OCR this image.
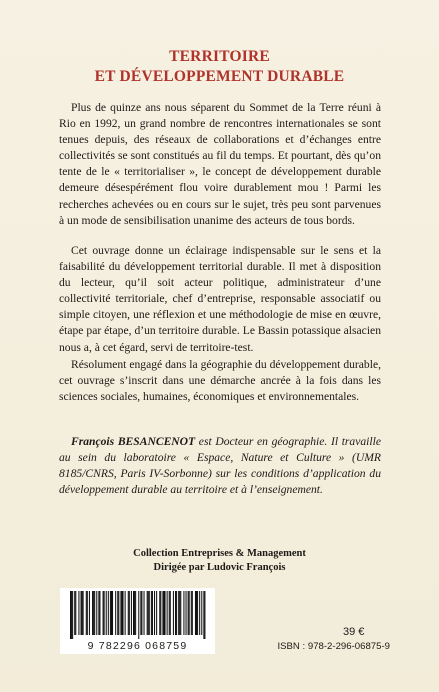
TERRITOIRE
ET DÉVELOPPEMENT DURABLE

Plus de quinze ans nous séparent du Sommet de la Terre réuni à Rio en 1992, un grand nombre de rencontres internationales se sont tenues depuis, des réseaux de collaborations et d’échanges entre collectivités se sont constitués au fil du temps. Et pourtant, dès qu’on tente de le « territorialiser », le concept de développement durable demeure désespérément flou voire durablement mou ! Parmi les recherches achevées ou en cours sur le sujet, très peu sont parvenues à un mode de sensibilisation unanime des acteurs de tous bords.

Cet ouvrage donne un éclairage indispensable sur le sens et la faisabilité du développement territorial durable. Il met à disposition du lecteur, qu’il soit acteur politique, administrateur d’une collectivité territoriale, chef d’entreprise, responsable associatif ou simple citoyen, une réflexion et une méthodologie de mise en œuvre, étape par étape, d’un territoire durable. Le Bassin potassique alsacien nous a, à cet égard, servi de territoire-test.

Résolument engagé dans la géographie du développement durable, cet ouvrage s’inscrit dans une démarche ancrée à la fois dans les sciences sociales, humaines, économiques et environnementales.

François BESANCENOT est Docteur en géographie. Il travaille au sein du laboratoire « Espace, Nature et Culture » (UMR 8185/CNRS, Paris IV-Sorbonne) sur les conditions d’application du développement durable au territoire et à l’enseignement.

Collection Entreprises & Management
Dirigée par Ludovic François
9 782296 068759
39 €
ISBN : 978-2-296-06875-9
